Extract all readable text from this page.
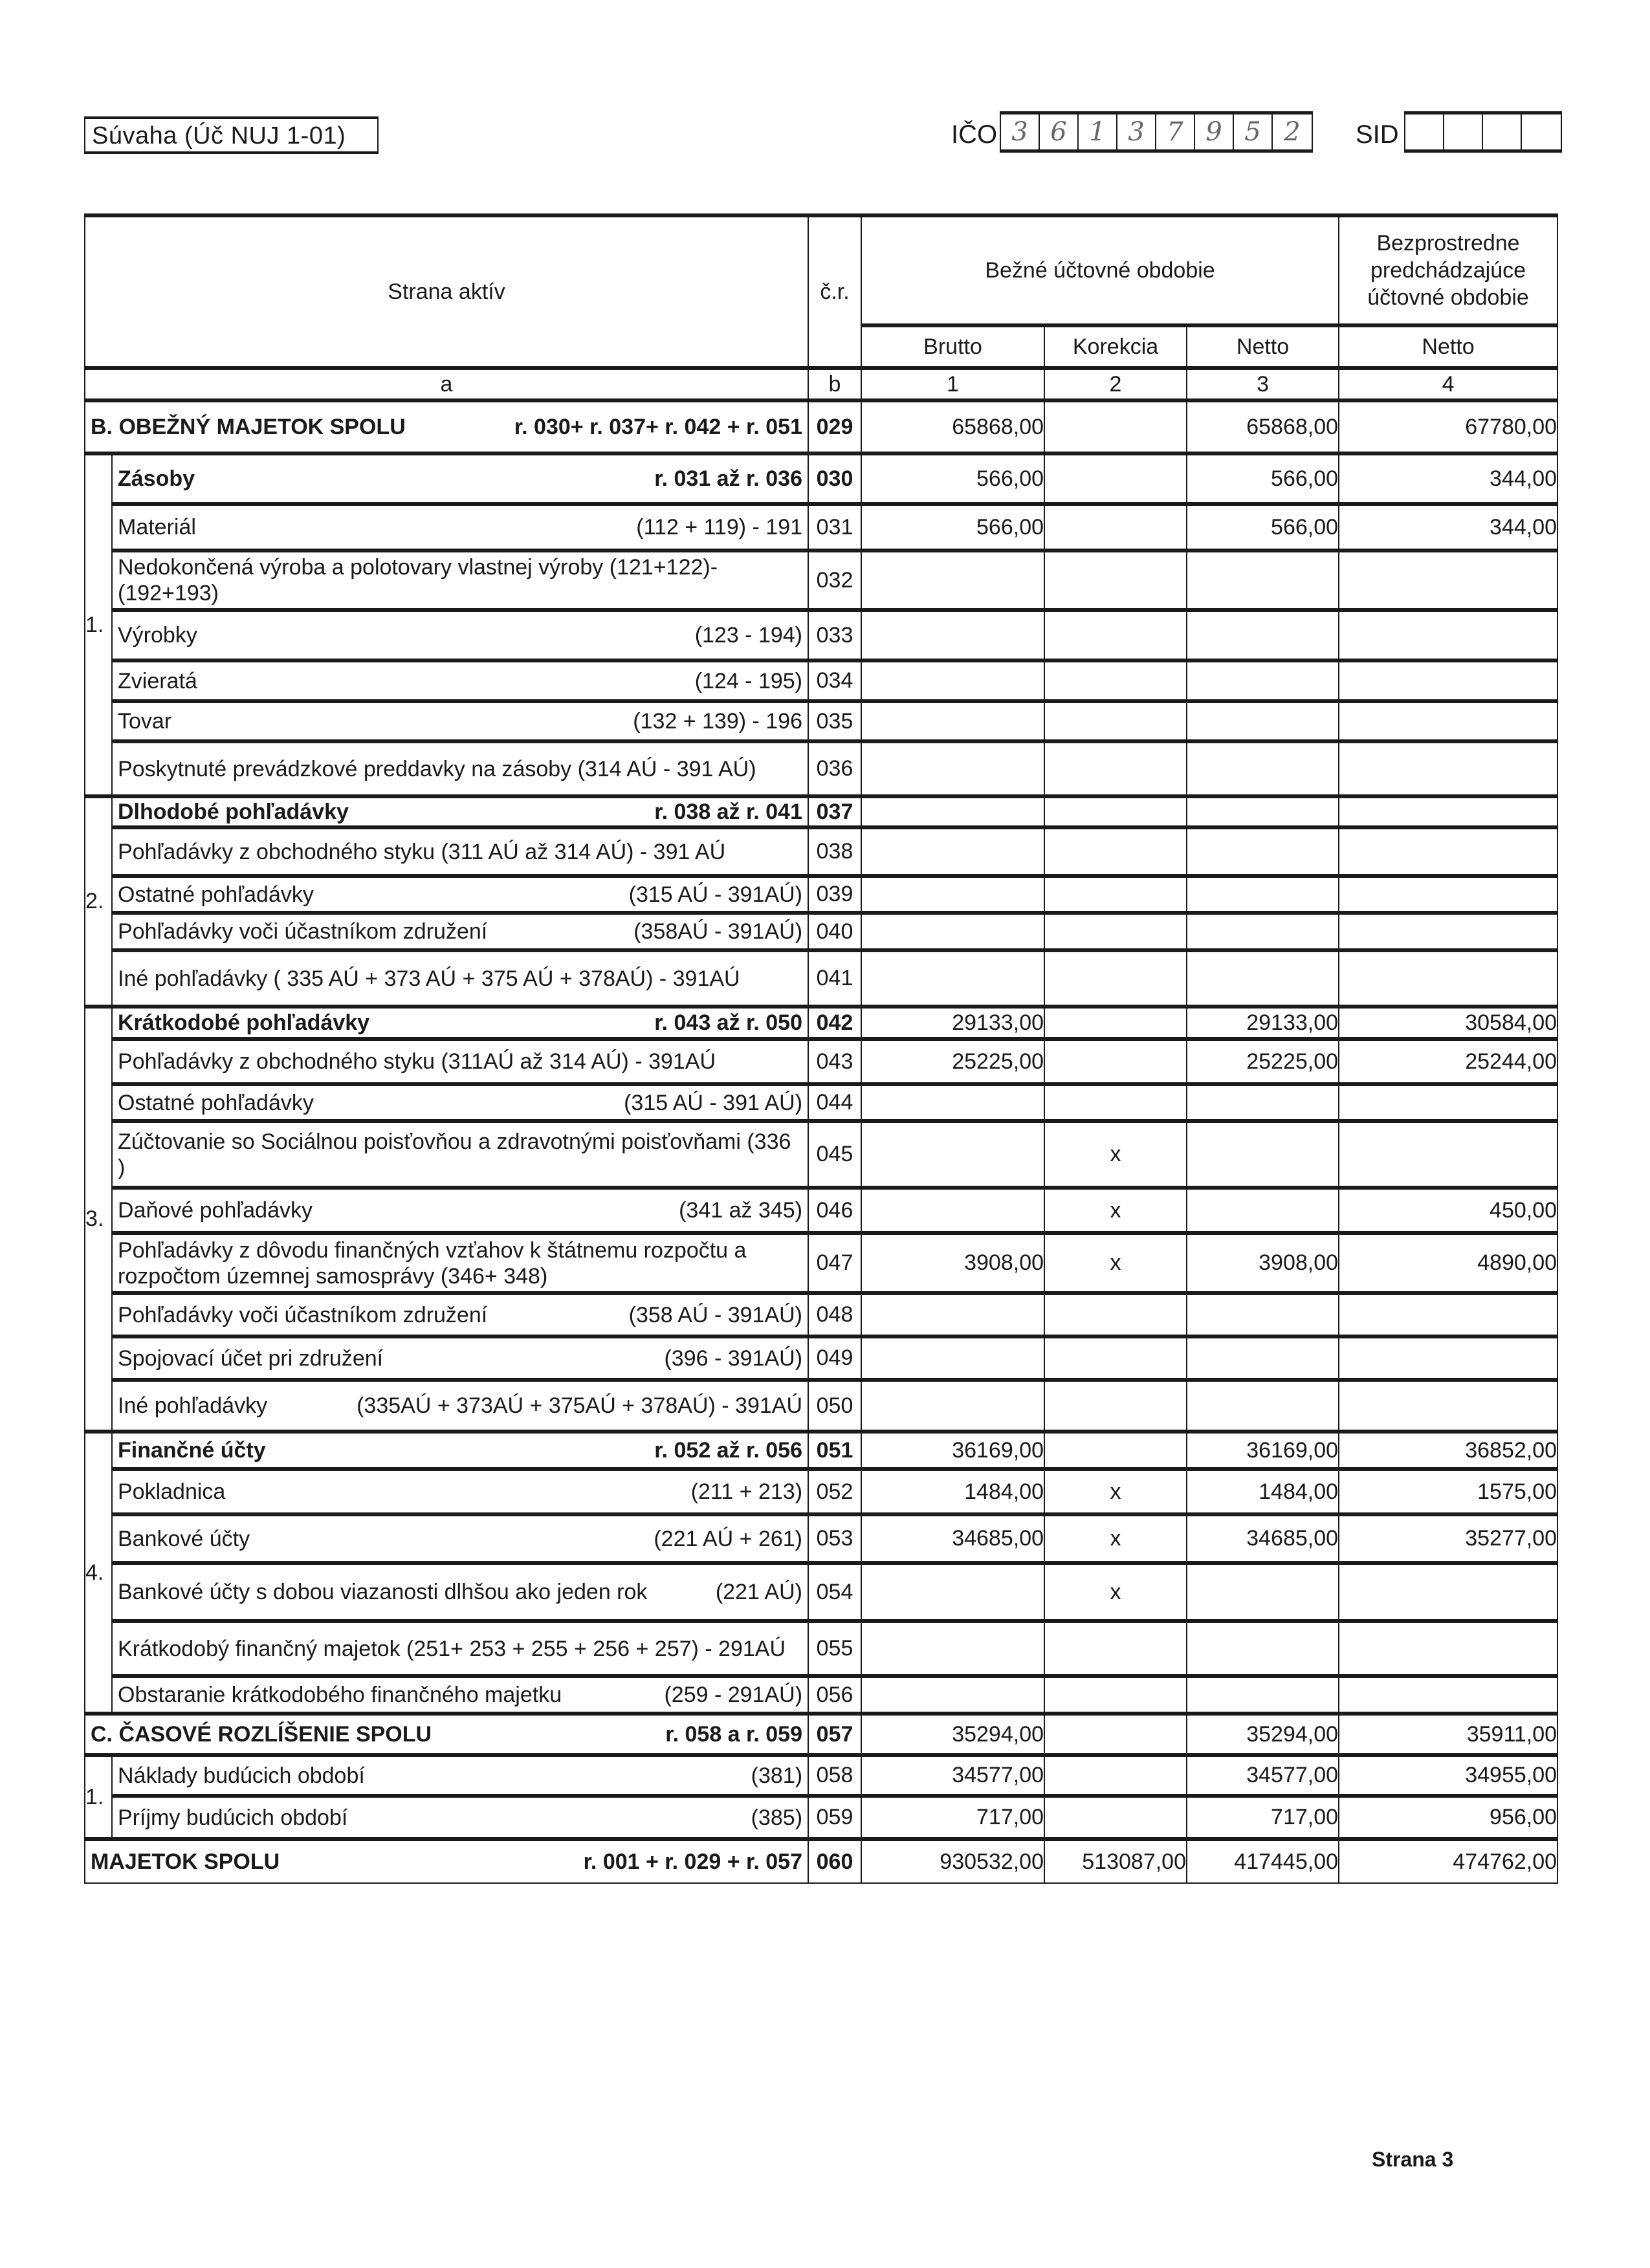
Súvaha (Úč NUJ 1-01)	IČO 3 6 1 3 7 9 5 2	SID
Strana aktív		č.r.	Bežné účtovné obdobie			Bezprostredne predchádzajúce účtovné obdobie
			Brutto	Korekcia	Netto	Netto
a		b	1	2	3	4

B. OBEŽNÝ MAJETOK SPOLU r. 030+ r. 037+ r. 042 + r. 051		029	65868,00		65868,00	67780,00
1.	Zásoby r. 031 až r. 036	030	566,00		566,00	344,00

	Materiál (112 + 119) - 191	031	566,00		566,00	344,00

	Nedokončená výroba a polotovary vlastnej výroby (121+122)-(192+193)	032				

	Výrobky (123 - 194)	033				

	Zvieratá (124 - 195)	034				

	Tovar (132 + 139) - 196	035				

	Poskytnuté prevádzkové preddavky na zásoby (314 AÚ - 391 AÚ)	036				
2.	Dlhodobé pohľadávky r. 038 až r. 041	037				

	Pohľadávky z obchodného styku (311 AÚ až 314 AÚ) - 391 AÚ	038				

	Ostatné pohľadávky (315 AÚ - 391AÚ)	039				

	Pohľadávky voči účastníkom združení (358AÚ - 391AÚ)	040				

	Iné pohľadávky ( 335 AÚ + 373 AÚ + 375 AÚ + 378AÚ) - 391AÚ	041				
3.	Krátkodobé pohľadávky r. 043 až r. 050	042	29133,00		29133,00	30584,00

	Pohľadávky z obchodného styku (311AÚ až 314 AÚ) - 391AÚ	043	25225,00		25225,00	25244,00

	Ostatné pohľadávky (315 AÚ - 391 AÚ)	044				

	Zúčtovanie so Sociálnou poisťovňou a zdravotnými poisťovňami (336 )	045		x		

	Daňové pohľadávky (341 až 345)	046		x		450,00

	Pohľadávky z dôvodu finančných vzťahov k štátnemu rozpočtu a rozpočtom územnej samosprávy (346+ 348)	047	3908,00	x	3908,00	4890,00

	Pohľadávky voči účastníkom združení (358 AÚ - 391AÚ)	048				

	Spojovací účet pri združení (396 - 391AÚ)	049				

	Iné pohľadávky (335AÚ + 373AÚ + 375AÚ + 378AÚ) - 391AÚ	050				
4.	Finančné účty r. 052 až r. 056	051	36169,00		36169,00	36852,00

	Pokladnica (211 + 213)	052	1484,00	x	1484,00	1575,00

	Bankové účty (221 AÚ + 261)	053	34685,00	x	34685,00	35277,00

	Bankové účty s dobou viazanosti dlhšou ako jeden rok (221 AÚ)	054		x		

	Krátkodobý finančný majetok (251+ 253 + 255 + 256 + 257) - 291AÚ	055				

	Obstaranie krátkodobého finančného majetku (259 - 291AÚ)	056				

C. ČASOVÉ ROZLÍŠENIE SPOLU r. 058 a r. 059		057	35294,00		35294,00	35911,00
1.	Náklady budúcich období (381)	058	34577,00		34577,00	34955,00

	Príjmy budúcich období (385)	059	717,00		717,00	956,00

MAJETOK SPOLU r. 001 + r. 029 + r. 057		060	930532,00	513087,00	417445,00	474762,00
Strana 3
